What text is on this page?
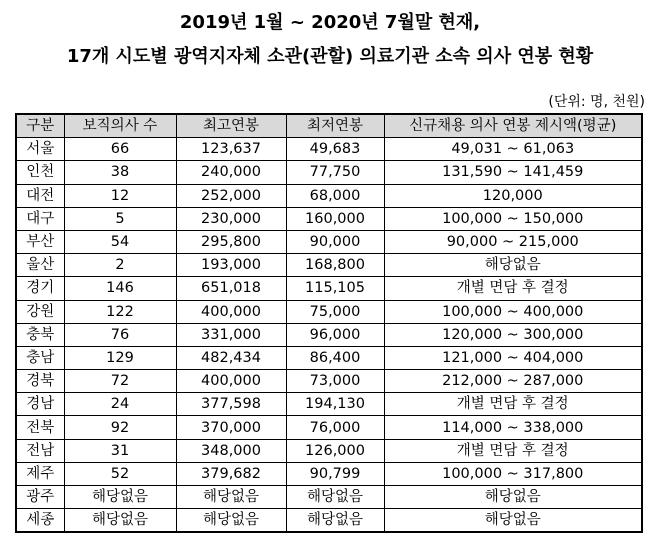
2019년 1월 ~ 2020년 7월말 현재,
17개 시도별 광역지자체 소관(관할) 의료기관 소속 의사 연봉 현황
(단위: 명, 천원)
구분	보직의사 수	최고연봉	최저연봉	신규채용 의사 연봉 제시액(평균)
서울	66	123,637	49,683	49,031 ~ 61,063
인천	38	240,000	77,750	131,590 ~ 141,459
대전	12	252,000	68,000	120,000
대구	5	230,000	160,000	100,000 ~ 150,000
부산	54	295,800	90,000	90,000 ~ 215,000
울산	2	193,000	168,800	해당없음
경기	146	651,018	115,105	개별 면담 후 결정
강원	122	400,000	75,000	100,000 ~ 400,000
충북	76	331,000	96,000	120,000 ~ 300,000
충남	129	482,434	86,400	121,000 ~ 404,000
경북	72	400,000	73,000	212,000 ~ 287,000
경남	24	377,598	194,130	개별 면담 후 결정
전북	92	370,000	76,000	114,000 ~ 338,000
전남	31	348,000	126,000	개별 면담 후 결정
제주	52	379,682	90,799	100,000 ~ 317,800
광주	해당없음	해당없음	해당없음	해당없음
세종	해당없음	해당없음	해당없음	해당없음
